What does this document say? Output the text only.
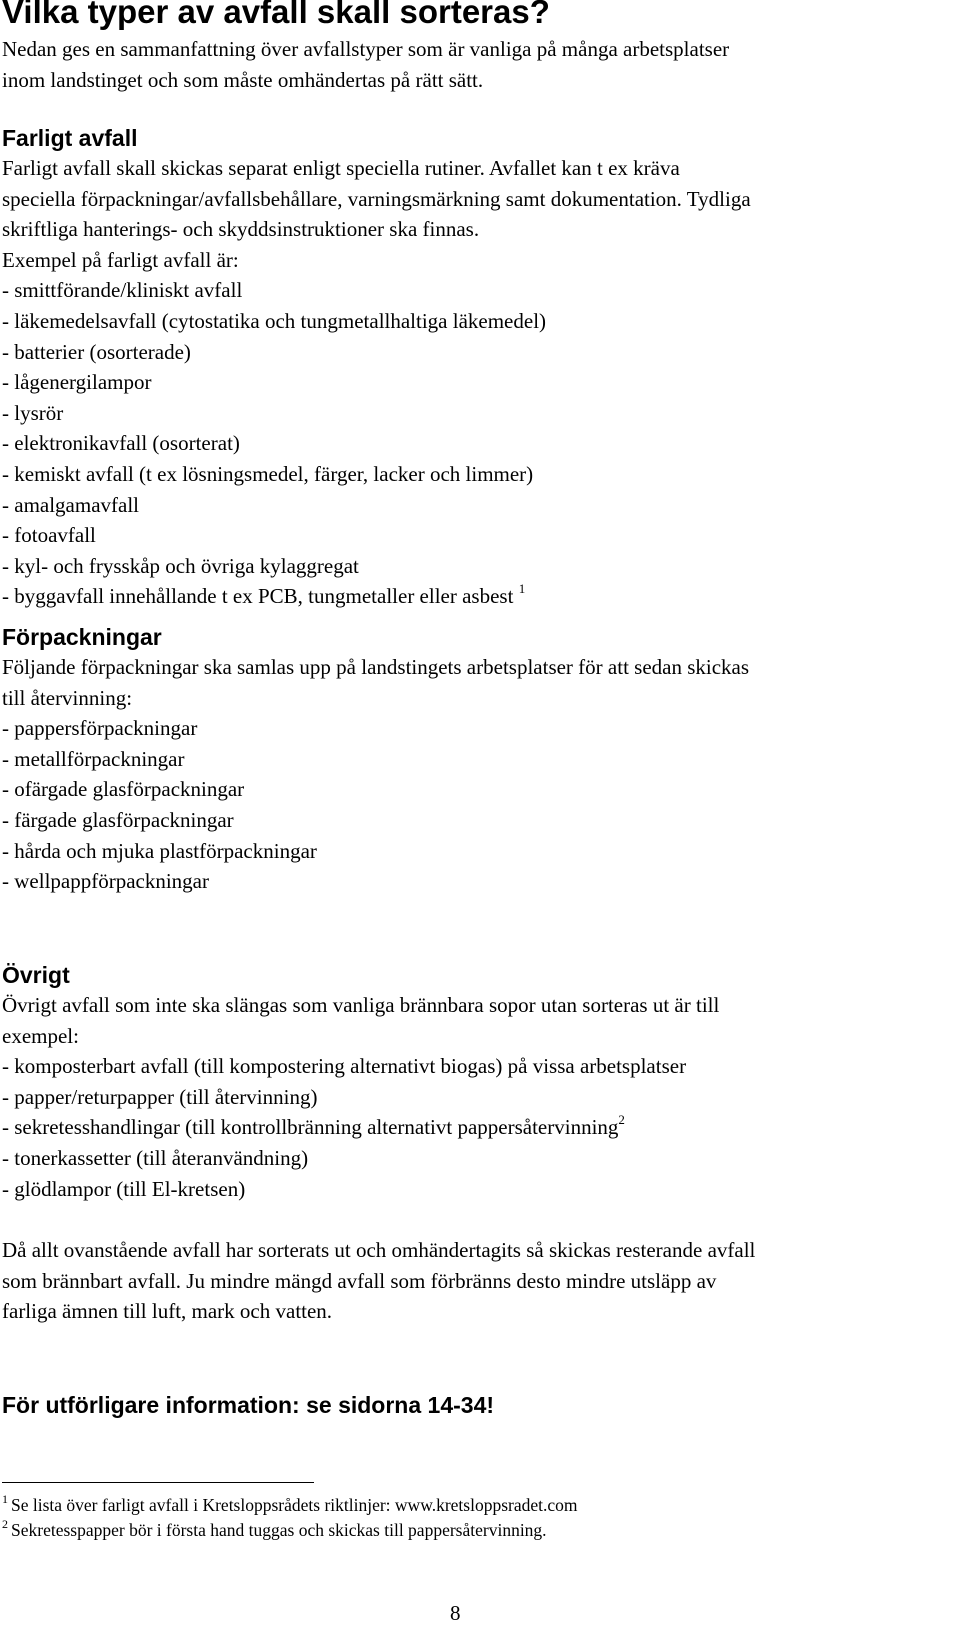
Vilka typer av avfall skall sorteras?

Nedan ges en sammanfattning över avfallstyper som är vanliga på många arbetsplatser

inom landstinget och som måste omhändertas på rätt sätt.

Farligt avfall

Farligt avfall skall skickas separat enligt speciella rutiner. Avfallet kan t ex kräva

speciella förpackningar/avfallsbehållare, varningsmärkning samt dokumentation. Tydliga

skriftliga hanterings- och skyddsinstruktioner ska finnas.

Exempel på farligt avfall är:

- smittförande/kliniskt avfall

- läkemedelsavfall (cytostatika och tungmetallhaltiga läkemedel)

- batterier (osorterade)

- lågenergilampor

- lysrör

- elektronikavfall (osorterat)

- kemiskt avfall (t ex lösningsmedel, färger, lacker och limmer)

- amalgamavfall

- fotoavfall

- kyl- och frysskåp och övriga kylaggregat

- byggavfall innehållande t ex PCB, tungmetaller eller asbest $^1$

Förpackningar

Följande förpackningar ska samlas upp på landstingets arbetsplatser för att sedan skickas

till återvinning:

- pappersförpackningar

- metallförpackningar

- ofärgade glasförpackningar

- färgade glasförpackningar

- hårda och mjuka plastförpackningar

- wellpappförpackningar

Övrigt

Övrigt avfall som inte ska slängas som vanliga brännbara sopor utan sorteras ut är till

exempel:

- komposterbart avfall (till kompostering alternativt biogas) på vissa arbetsplatser

- papper/returpapper (till återvinning)

- sekretesshandlingar (till kontrollbränning alternativt pappersåtervinning$^2$

- tonerkassetter (till återanvändning)

- glödlampor (till El-kretsen)

Då allt ovanstående avfall har sorterats ut och omhändertagits så skickas resterande avfall

som brännbart avfall. Ju mindre mängd avfall som förbränns desto mindre utsläpp av

farliga ämnen till luft, mark och vatten.

För utförligare information: se sidorna 14-34!

$^1$ Se lista över farligt avfall i Kretsloppsrådets riktlinjer: www.kretsloppsradet.com

$^2$ Sekretesspapper bör i första hand tuggas och skickas till pappersåtervinning.

8
